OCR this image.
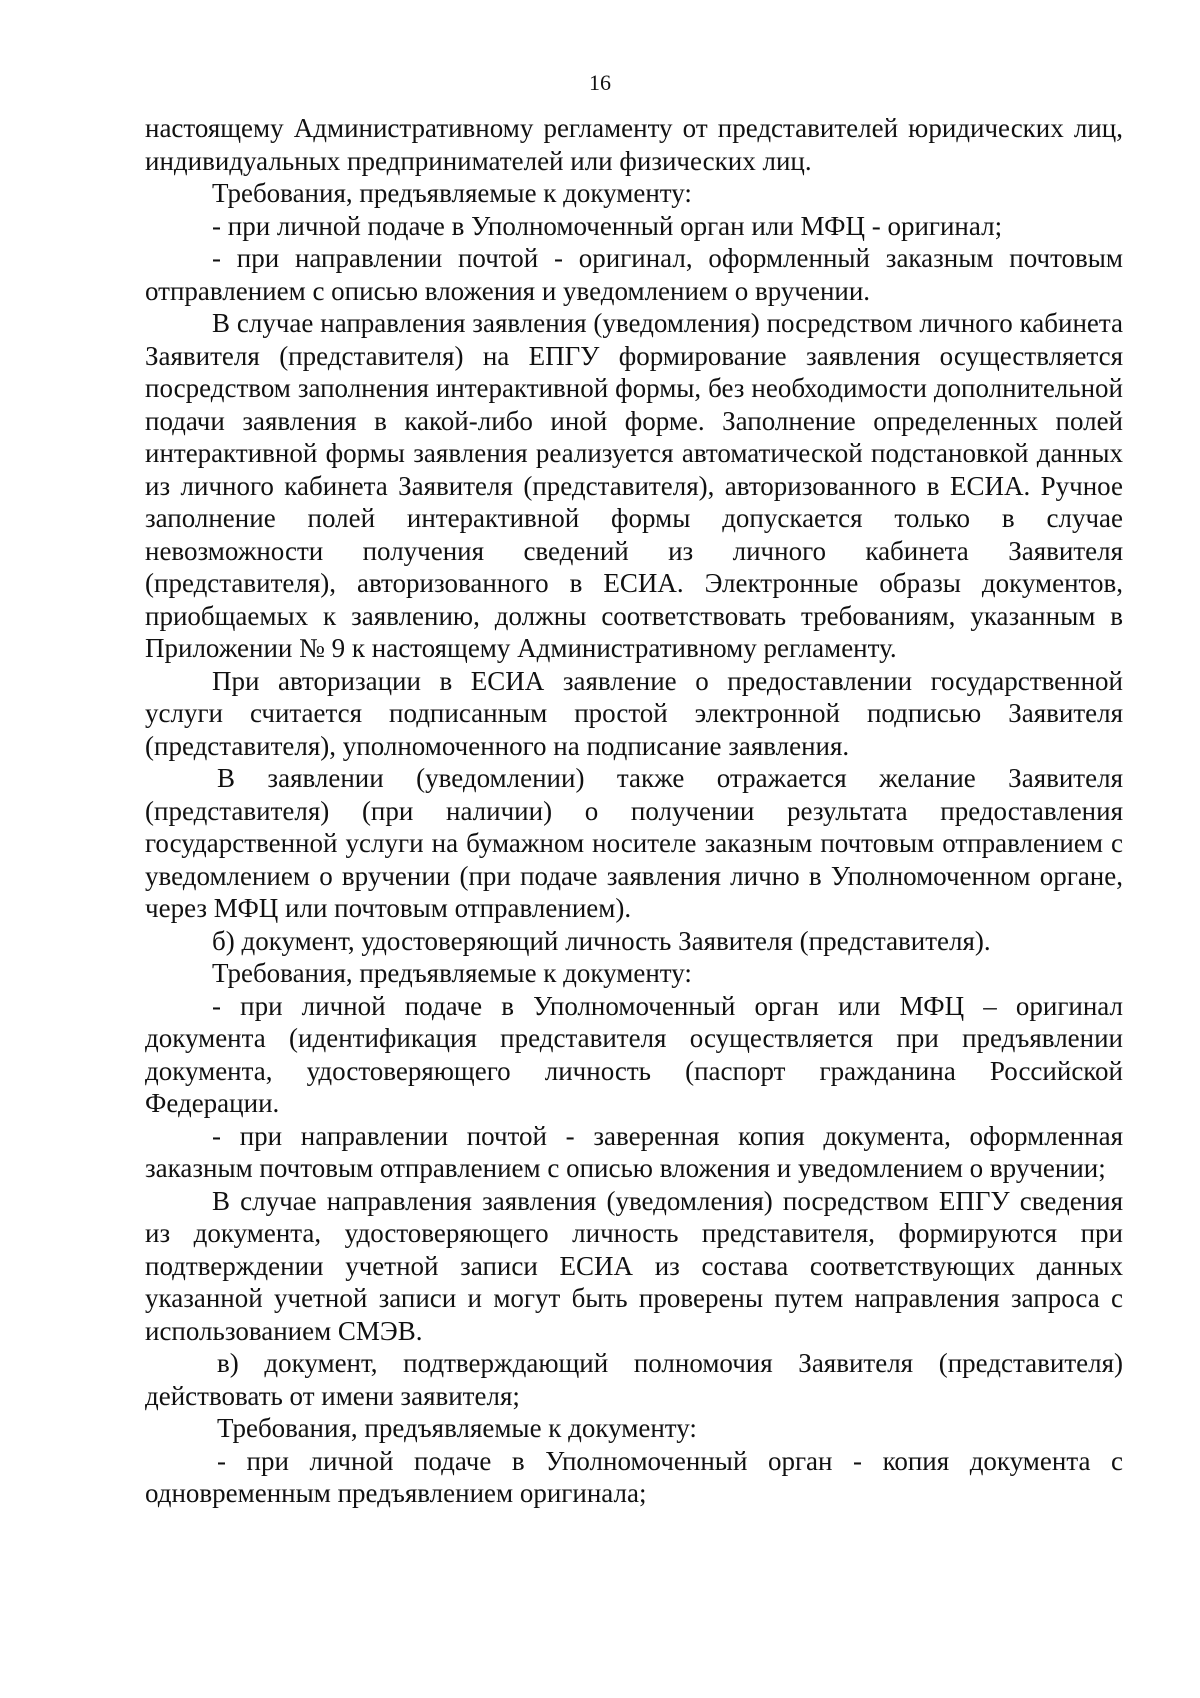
16

настоящему Административному регламенту от представителей юридических лиц, индивидуальных предпринимателей или физических лиц.

Требования, предъявляемые к документу:

- при личной подаче в Уполномоченный орган или МФЦ - оригинал;

- при направлении почтой - оригинал, оформленный заказным почтовым отправлением с описью вложения и уведомлением о вручении.

В случае направления заявления (уведомления) посредством личного кабинета Заявителя (представителя) на ЕПГУ формирование заявления осуществляется посредством заполнения интерактивной формы, без необходимости дополнительной подачи заявления в какой-либо иной форме. Заполнение определенных полей интерактивной формы заявления реализуется автоматической подстановкой данных из личного кабинета Заявителя (представителя), авторизованного в ЕСИА. Ручное заполнение полей интерактивной формы допускается только в случае невозможности получения сведений из личного кабинета Заявителя (представителя), авторизованного в ЕСИА. Электронные образы документов, приобщаемых к заявлению, должны соответствовать требованиям, указанным в Приложении № 9 к настоящему Административному регламенту.

При авторизации в ЕСИА заявление о предоставлении государственной услуги считается подписанным простой электронной подписью Заявителя (представителя), уполномоченного на подписание заявления.

В заявлении (уведомлении) также отражается желание Заявителя (представителя) (при наличии) о получении результата предоставления государственной услуги на бумажном носителе заказным почтовым отправлением с уведомлением о вручении (при подаче заявления лично в Уполномоченном органе, через МФЦ или почтовым отправлением).

б) документ, удостоверяющий личность Заявителя (представителя).

Требования, предъявляемые к документу:

- при личной подаче в Уполномоченный орган или МФЦ – оригинал документа (идентификация представителя осуществляется при предъявлении документа, удостоверяющего личность (паспорт гражданина Российской Федерации.

- при направлении почтой - заверенная копия документа, оформленная заказным почтовым отправлением с описью вложения и уведомлением о вручении;

В случае направления заявления (уведомления) посредством ЕПГУ сведения из документа, удостоверяющего личность представителя, формируются при подтверждении учетной записи ЕСИА из состава соответствующих данных указанной учетной записи и могут быть проверены путем направления запроса с использованием СМЭВ.

в) документ, подтверждающий полномочия Заявителя (представителя) действовать от имени заявителя;

Требования, предъявляемые к документу:

- при личной подаче в Уполномоченный орган - копия документа с одновременным предъявлением оригинала;
